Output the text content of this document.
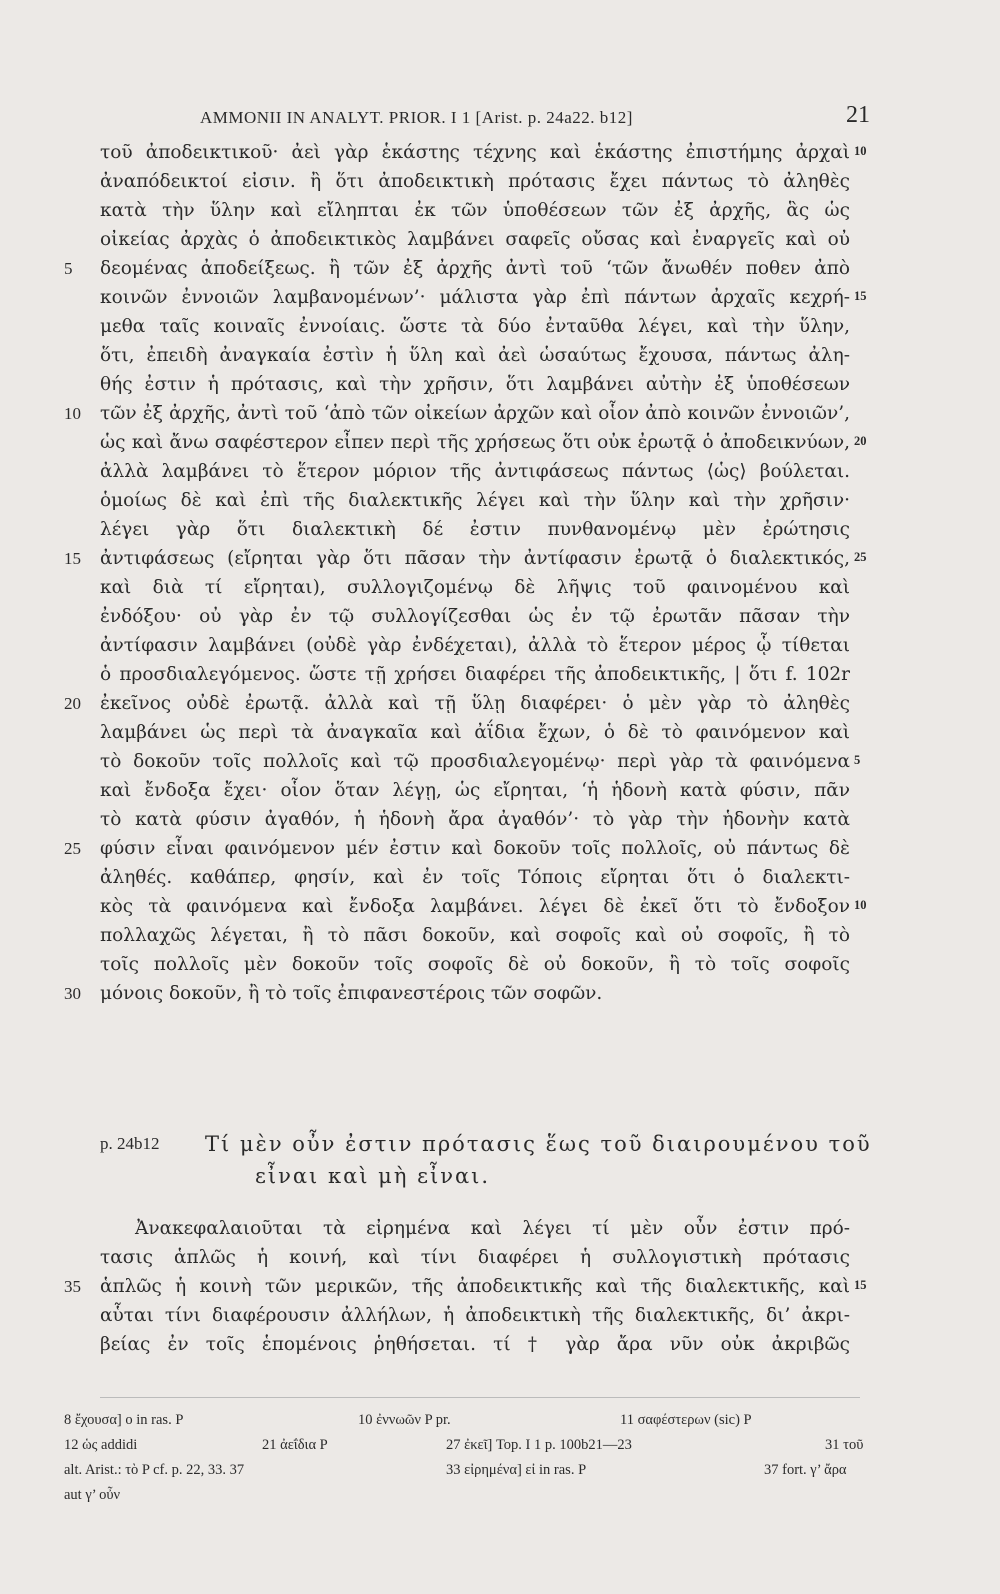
AMMONII IN ANALYT. PRIOR. I 1 [Arist. p. 24a22. b12]	21
τοῦ ἀποδεικτικοῦ· ἀεὶ γὰρ ἑκάστης τέχνης καὶ ἑκάστης ἐπιστήμης ἀρχαὶ
ἀναπόδεικτοί εἰσιν. ἢ ὅτι ἀποδεικτικὴ πρότασις ἔχει πάντως τὸ ἀληθὲς
κατὰ τὴν ὕλην καὶ εἴληπται ἐκ τῶν ὑποθέσεων τῶν ἐξ ἀρχῆς, ἃς ὡς
οἰκείας ἀρχὰς ὁ ἀποδεικτικὸς λαμβάνει σαφεῖς οὔσας καὶ ἐναργεῖς καὶ οὐ
δεομένας ἀποδείξεως. ἢ τῶν ἐξ ἀρχῆς ἀντὶ τοῦ ‘τῶν ἄνωθέν ποθεν ἀπὸ
κοινῶν ἐννοιῶν λαμβανομένων’· μάλιστα γὰρ ἐπὶ πάντων ἀρχαῖς κεχρή-
μεθα ταῖς κοιναῖς ἐννοίαις. ὥστε τὰ δύο ἐνταῦθα λέγει, καὶ τὴν ὕλην,
ὅτι, ἐπειδὴ ἀναγκαία ἐστὶν ἡ ὕλη καὶ ἀεὶ ὡσαύτως ἔχουσα, πάντως ἀλη-
θής ἐστιν ἡ πρότασις, καὶ τὴν χρῆσιν, ὅτι λαμβάνει αὐτὴν ἐξ ὑποθέσεων
τῶν ἐξ ἀρχῆς, ἀντὶ τοῦ ‘ἀπὸ τῶν οἰκείων ἀρχῶν καὶ οἷον ἀπὸ κοινῶν ἐννοιῶν’,
ὡς καὶ ἄνω σαφέστερον εἶπεν περὶ τῆς χρήσεως ὅτι οὐκ ἐρωτᾷ ὁ ἀποδεικνύων,
ἀλλὰ λαμβάνει τὸ ἕτερον μόριον τῆς ἀντιφάσεως πάντως ⟨ὡς⟩ βούλεται.
ὁμοίως δὲ καὶ ἐπὶ τῆς διαλεκτικῆς λέγει καὶ τὴν ὕλην καὶ τὴν χρῆσιν·
λέγει γὰρ ὅτι διαλεκτικὴ δέ ἐστιν πυνθανομένῳ μὲν ἐρώτησις
ἀντιφάσεως (εἴρηται γὰρ ὅτι πᾶσαν τὴν ἀντίφασιν ἐρωτᾷ ὁ διαλεκτικός,
καὶ διὰ τί εἴρηται), συλλογιζομένῳ δὲ λῆψις τοῦ φαινομένου καὶ
ἐνδόξου· οὐ γὰρ ἐν τῷ συλλογίζεσθαι ὡς ἐν τῷ ἐρωτᾶν πᾶσαν τὴν
ἀντίφασιν λαμβάνει (οὐδὲ γὰρ ἐνδέχεται), ἀλλὰ τὸ ἕτερον μέρος ᾧ τίθεται
ὁ προσδιαλεγόμενος. ὥστε τῇ χρήσει διαφέρει τῆς ἀποδεικτικῆς, | ὅτι f. 102r
ἐκεῖνος οὐδὲ ἐρωτᾷ. ἀλλὰ καὶ τῇ ὕλῃ διαφέρει· ὁ μὲν γὰρ τὸ ἀληθὲς
λαμβάνει ὡς περὶ τὰ ἀναγκαῖα καὶ ἀΐδια ἔχων, ὁ δὲ τὸ φαινόμενον καὶ
τὸ δοκοῦν τοῖς πολλοῖς καὶ τῷ προσδιαλεγομένῳ· περὶ γὰρ τὰ φαινόμενα
καὶ ἔνδοξα ἔχει· οἷον ὅταν λέγῃ, ὡς εἴρηται, ‘ἡ ἡδονὴ κατὰ φύσιν, πᾶν
τὸ κατὰ φύσιν ἀγαθόν, ἡ ἡδονὴ ἄρα ἀγαθόν’· τὸ γὰρ τὴν ἡδονὴν κατὰ
φύσιν εἶναι φαινόμενον μέν ἐστιν καὶ δοκοῦν τοῖς πολλοῖς, οὐ πάντως δὲ
ἀληθές. καθάπερ, φησίν, καὶ ἐν τοῖς Τόποις εἴρηται ὅτι ὁ διαλεκτι-
κὸς τὰ φαινόμενα καὶ ἔνδοξα λαμβάνει. λέγει δὲ ἐκεῖ ὅτι τὸ ἔνδοξον
πολλαχῶς λέγεται, ἢ τὸ πᾶσι δοκοῦν, καὶ σοφοῖς καὶ οὐ σοφοῖς, ἢ τὸ
τοῖς πολλοῖς μὲν δοκοῦν τοῖς σοφοῖς δὲ οὐ δοκοῦν, ἢ τὸ τοῖς σοφοῖς
μόνοις δοκοῦν, ἢ τὸ τοῖς ἐπιφανεστέροις τῶν σοφῶν.
5
10
15
20
25
30
10
15
20
25
5
10
p. 24b12 Τί μὲν οὖν ἐστιν πρότασις ἕως τοῦ διαιρουμένου τοῦ
εἶναι καὶ μὴ εἶναι.
Ἀνακεφαλαιοῦται τὰ εἰρημένα καὶ λέγει τί μὲν οὖν ἐστιν πρό-
τασις ἁπλῶς ἡ κοινή, καὶ τίνι διαφέρει ἡ συλλογιστικὴ πρότασις
ἁπλῶς ἡ κοινὴ τῶν μερικῶν, τῆς ἀποδεικτικῆς καὶ τῆς διαλεκτικῆς, καὶ
αὗται τίνι διαφέρουσιν ἀλλήλων, ἡ ἀποδεικτικὴ τῆς διαλεκτικῆς, δι’ ἀκρι-
βείας ἐν τοῖς ἑπομένοις ῥηθήσεται. τί † γὰρ ἄρα νῦν οὐκ ἀκριβῶς
35	15
8 ἔχουσα] o in ras. P	10 ἐννωῶν P pr.	11 σαφέστερων (sic) P
12 ὡς addidi	21 ἀεΐδια P	27 ἐκεῖ] Top. I 1 p. 100b21—23	31 τοῦ
alt. Arist.: τὸ P cf. p. 22, 33. 37	33 εἰρημένα] εἰ in ras. P	37 fort. γ’ ἄρα
aut γ’ οὖν
